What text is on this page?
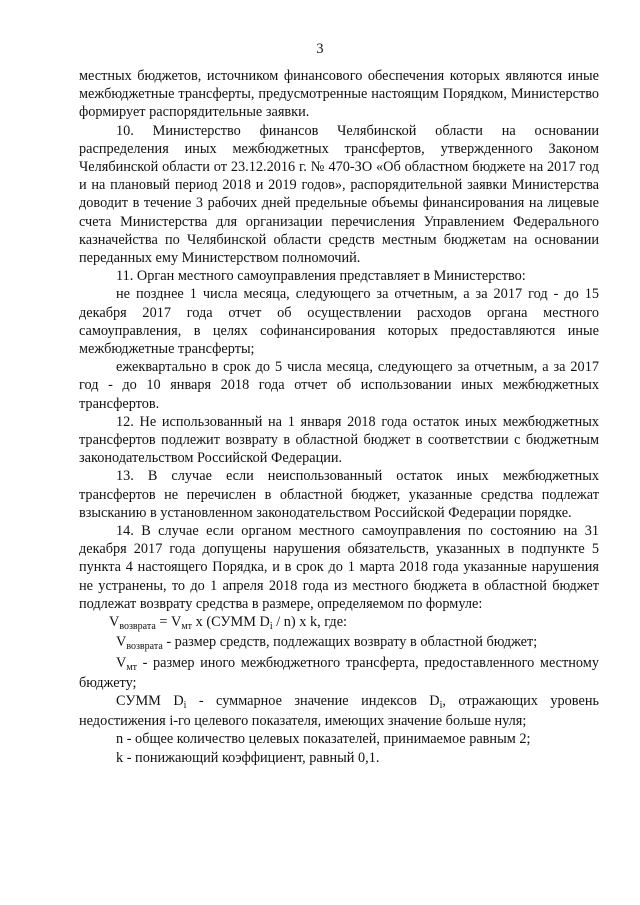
3

местных бюджетов, источником финансового обеспечения которых являются иные межбюджетные трансферты, предусмотренные настоящим Порядком, Министерство формирует распорядительные заявки.

10. Министерство финансов Челябинской области на основании распределения иных межбюджетных трансфертов, утвержденного Законом Челябинской области от 23.12.2016 г. № 470-ЗО «Об областном бюджете на 2017 год и на плановый период 2018 и 2019 годов», распорядительной заявки Министерства доводит в течение 3 рабочих дней предельные объемы финансирования на лицевые счета Министерства для организации перечисления Управлением Федерального казначейства по Челябинской области средств местным бюджетам на основании переданных ему Министерством полномочий.

11. Орган местного самоуправления представляет в Министерство:

не позднее 1 числа месяца, следующего за отчетным, а за 2017 год - до 15 декабря 2017 года отчет об осуществлении расходов органа местного самоуправления, в целях софинансирования которых предоставляются иные межбюджетные трансферты;

ежеквартально в срок до 5 числа месяца, следующего за отчетным, а за 2017 год - до 10 января 2018 года отчет об использовании иных межбюджетных трансфертов.

12. Не использованный на 1 января 2018 года остаток иных межбюджетных трансфертов подлежит возврату в областной бюджет в соответствии с бюджетным законодательством Российской Федерации.

13. В случае если неиспользованный остаток иных межбюджетных трансфертов не перечислен в областной бюджет, указанные средства подлежат взысканию в установленном законодательством Российской Федерации порядке.

14. В случае если органом местного самоуправления по состоянию на 31 декабря 2017 года допущены нарушения обязательств, указанных в подпункте 5 пункта 4 настоящего Порядка, и в срок до 1 марта 2018 года указанные нарушения не устранены, то до 1 апреля 2018 года из местного бюджета в областной бюджет подлежат возврату средства в размере, определяемом по формуле:

$V_{возврата} = V_{мт}$ х (СУММ $D_i / n$) х k, где:

$V_{возврата}$ - размер средств, подлежащих возврату в областной бюджет;

$V_{мт}$ - размер иного межбюджетного трансферта, предоставленного местному бюджету;

СУММ $D_i$ - суммарное значение индексов $D_i$, отражающих уровень недостижения i-го целевого показателя, имеющих значение больше нуля;

n - общее количество целевых показателей, принимаемое равным 2;

k - понижающий коэффициент, равный 0,1.
